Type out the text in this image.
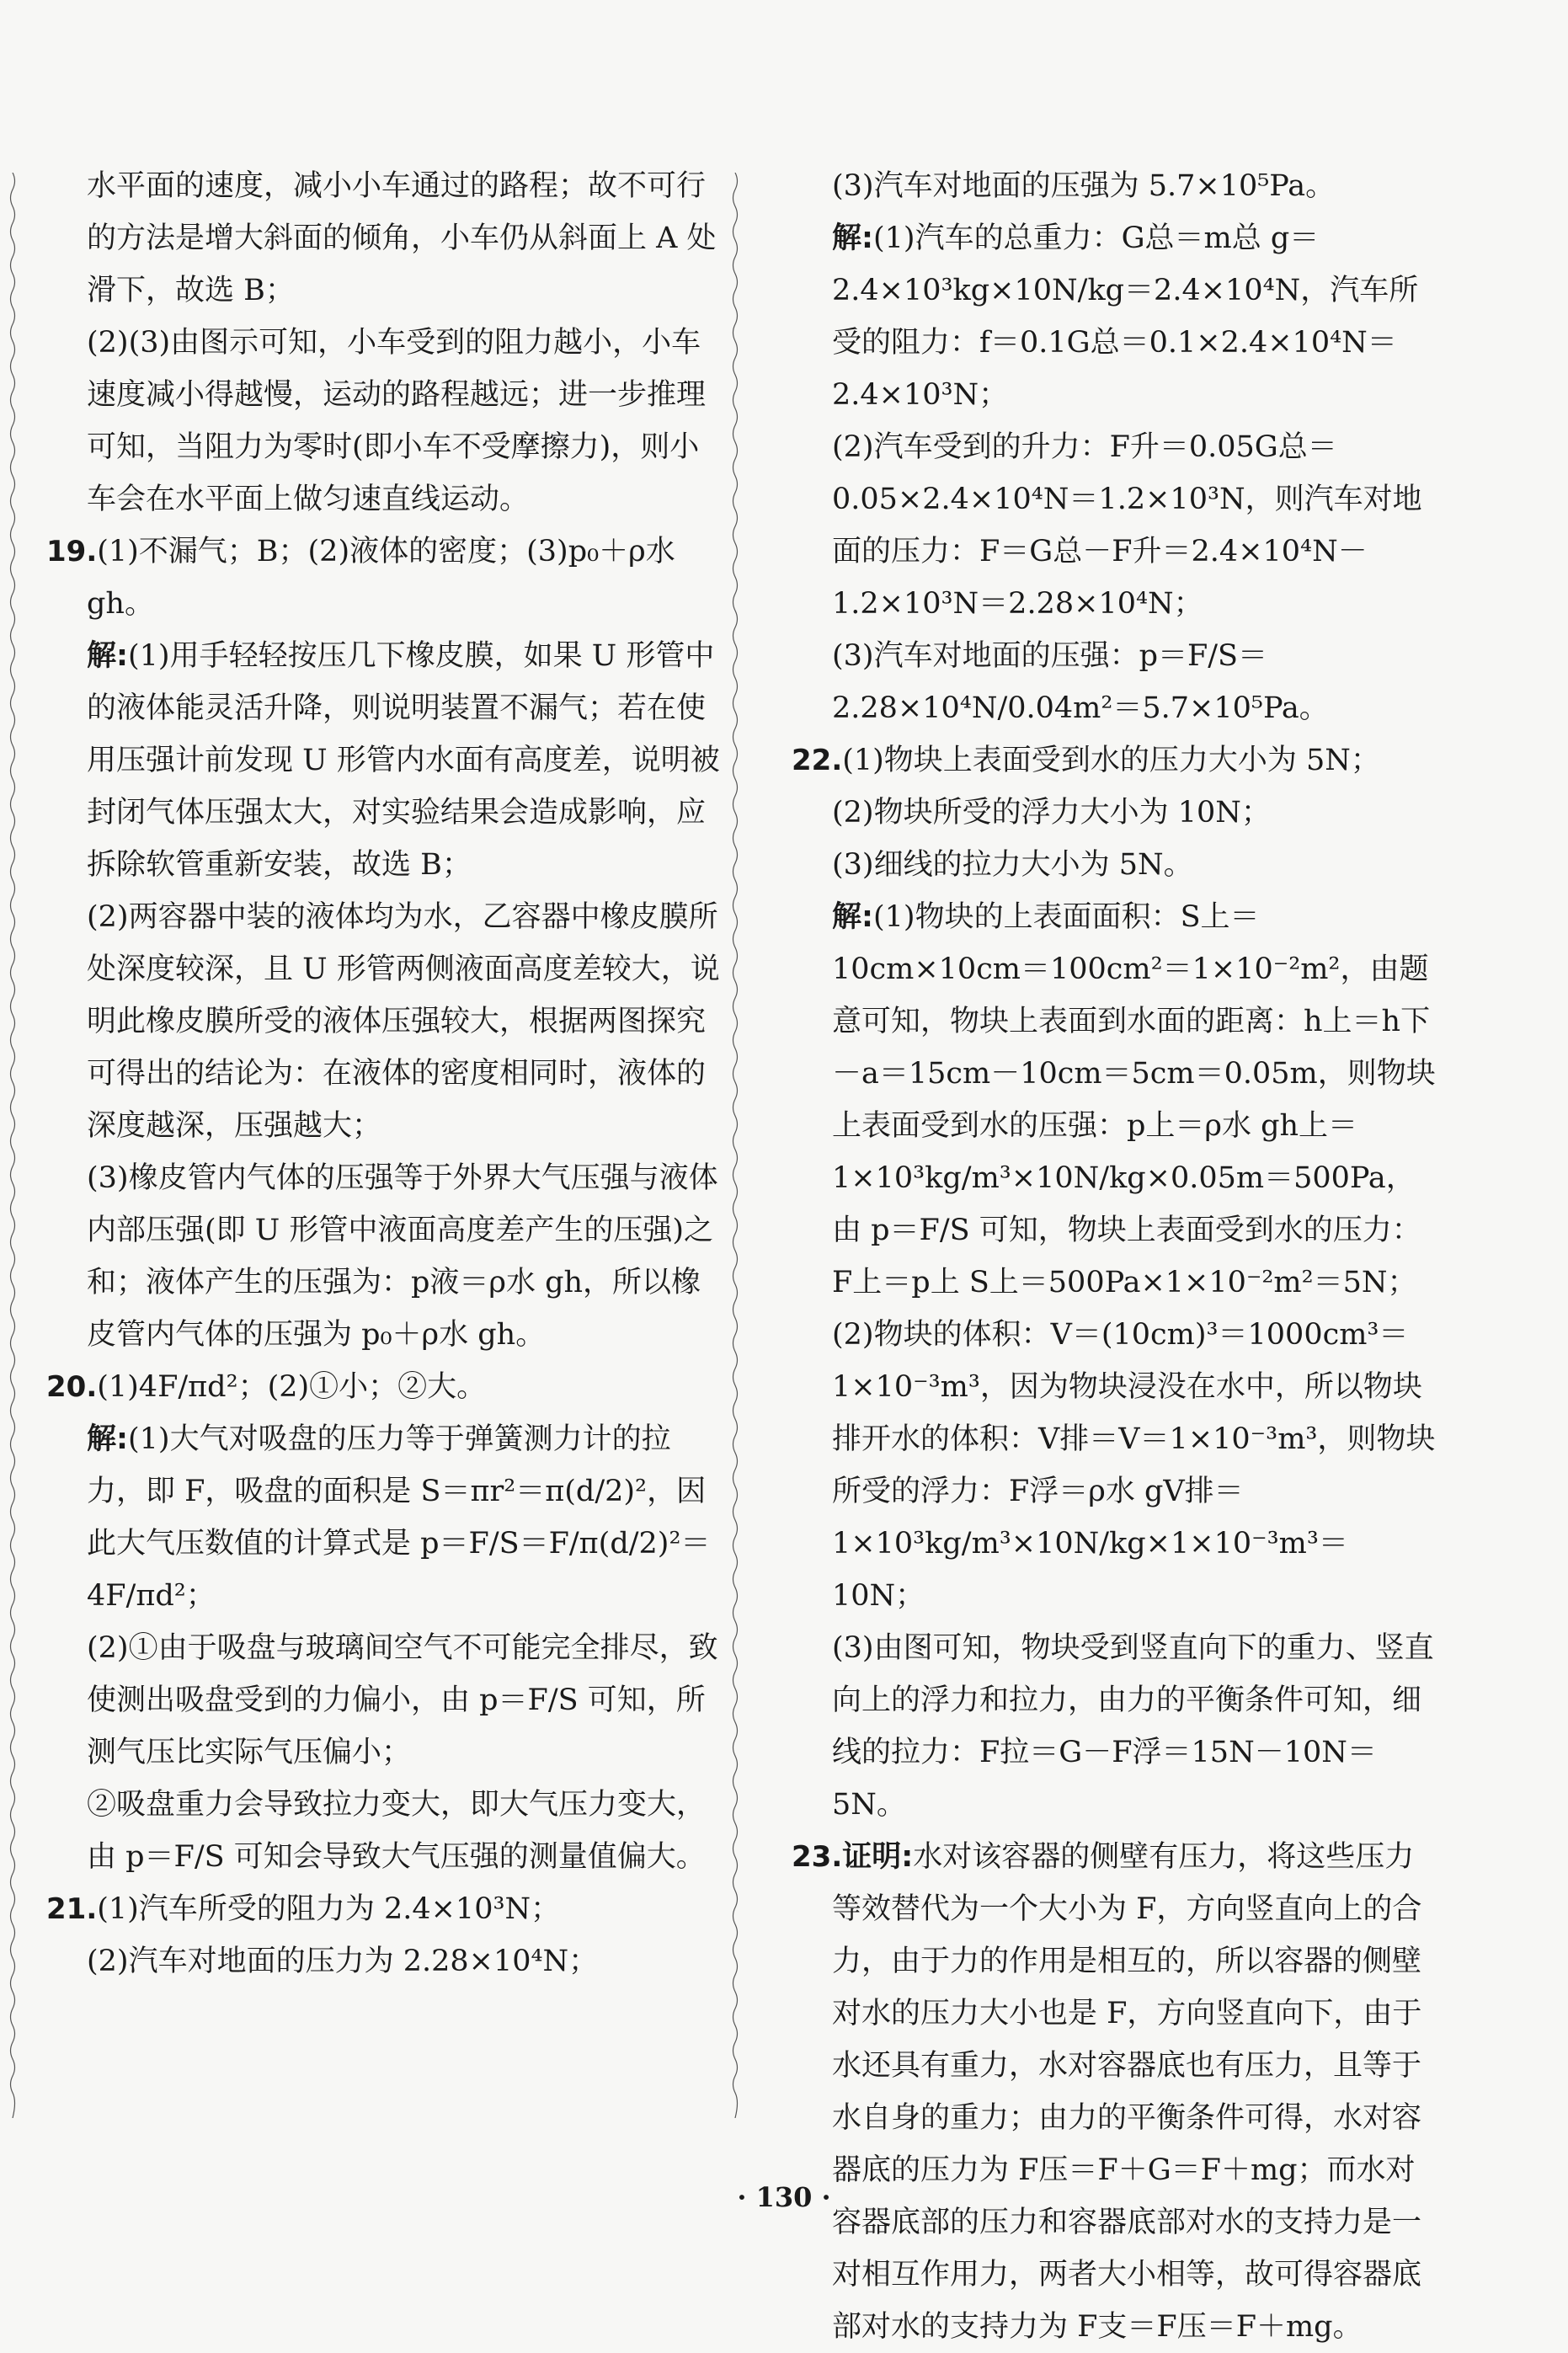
水平面的速度，减小小车通过的路程；故不可行的方法是增大斜面的倾角，小车仍从斜面上 A 处滑下，故选 B；

(2)(3)由图示可知，小车受到的阻力越小，小车速度减小得越慢，运动的路程越远；进一步推理可知，当阻力为零时(即小车不受摩擦力)，则小车会在水平面上做匀速直线运动。

19.(1)不漏气；B；(2)液体的密度；(3)p₀＋ρ水 gh。

解:(1)用手轻轻按压几下橡皮膜，如果 U 形管中的液体能灵活升降，则说明装置不漏气；若在使用压强计前发现 U 形管内水面有高度差，说明被封闭气体压强太大，对实验结果会造成影响，应拆除软管重新安装，故选 B；

(2)两容器中装的液体均为水，乙容器中橡皮膜所处深度较深，且 U 形管两侧液面高度差较大，说明此橡皮膜所受的液体压强较大，根据两图探究可得出的结论为：在液体的密度相同时，液体的深度越深，压强越大；

(3)橡皮管内气体的压强等于外界大气压强与液体内部压强(即 U 形管中液面高度差产生的压强)之和；液体产生的压强为：p液＝ρ水 gh，所以橡皮管内气体的压强为 p₀＋ρ水 gh。

20.(1)4F/πd²；(2)①小；②大。

解:(1)大气对吸盘的压力等于弹簧测力计的拉力，即 F，吸盘的面积是 S＝πr²＝π(d/2)²，因此大气压数值的计算式是 p＝F/S＝F/π(d/2)²＝4F/πd²；

(2)①由于吸盘与玻璃间空气不可能完全排尽，致使测出吸盘受到的力偏小，由 p＝F/S 可知，所测气压比实际气压偏小；

②吸盘重力会导致拉力变大，即大气压力变大，由 p＝F/S 可知会导致大气压强的测量值偏大。

21.(1)汽车所受的阻力为 2.4×10³N；

(2)汽车对地面的压力为 2.28×10⁴N；

(3)汽车对地面的压强为 5.7×10⁵Pa。

解:(1)汽车的总重力：G总＝m总 g＝2.4×10³kg×10N/kg＝2.4×10⁴N，汽车所受的阻力：f＝0.1G总＝0.1×2.4×10⁴N＝2.4×10³N；

(2)汽车受到的升力：F升＝0.05G总＝0.05×2.4×10⁴N＝1.2×10³N，则汽车对地面的压力：F＝G总－F升＝2.4×10⁴N－1.2×10³N＝2.28×10⁴N；

(3)汽车对地面的压强：p＝F/S＝2.28×10⁴N/0.04m²＝5.7×10⁵Pa。

22.(1)物块上表面受到水的压力大小为 5N；

(2)物块所受的浮力大小为 10N；

(3)细线的拉力大小为 5N。

解:(1)物块的上表面面积：S上＝10cm×10cm＝100cm²＝1×10⁻²m²，由题意可知，物块上表面到水面的距离：h上＝h下－a＝15cm－10cm＝5cm＝0.05m，则物块上表面受到水的压强：p上＝ρ水 gh上＝1×10³kg/m³×10N/kg×0.05m＝500Pa，由 p＝F/S 可知，物块上表面受到水的压力：F上＝p上 S上＝500Pa×1×10⁻²m²＝5N；

(2)物块的体积：V＝(10cm)³＝1000cm³＝1×10⁻³m³，因为物块浸没在水中，所以物块排开水的体积：V排＝V＝1×10⁻³m³，则物块所受的浮力：F浮＝ρ水 gV排＝1×10³kg/m³×10N/kg×1×10⁻³m³＝10N；

(3)由图可知，物块受到竖直向下的重力、竖直向上的浮力和拉力，由力的平衡条件可知，细线的拉力：F拉＝G－F浮＝15N－10N＝5N。

23.证明:水对该容器的侧壁有压力，将这些压力等效替代为一个大小为 F，方向竖直向上的合力，由于力的作用是相互的，所以容器的侧壁对水的压力大小也是 F，方向竖直向下，由于水还具有重力，水对容器底也有压力，且等于水自身的重力；由力的平衡条件可得，水对容器底的压力为 F压＝F＋G＝F＋mg；而水对容器底部的压力和容器底部对水的支持力是一对相互作用力，两者大小相等，故可得容器底部对水的支持力为 F支＝F压＝F＋mg。

· 130 ·
